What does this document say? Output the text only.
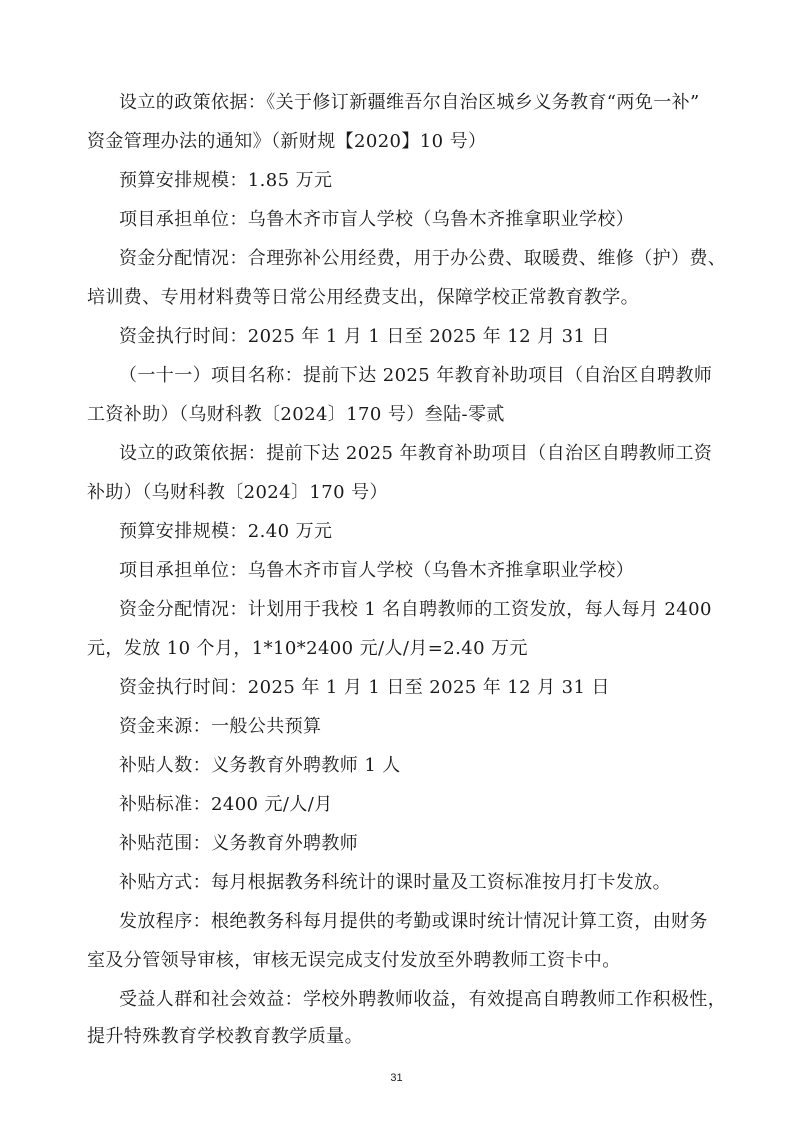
设立的政策依据：《关于修订新疆维吾尔自治区城乡义务教育“两免一补”
资金管理办法的通知》（新财规【2020】10 号）
预算安排规模：1.85 万元
项目承担单位：乌鲁木齐市盲人学校（乌鲁木齐推拿职业学校）
资金分配情况：合理弥补公用经费，用于办公费、取暖费、维修（护）费、
培训费、专用材料费等日常公用经费支出，保障学校正常教育教学。
资金执行时间：2025 年 1 月 1 日至 2025 年 12 月 31 日
（一十一）项目名称：提前下达 2025 年教育补助项目（自治区自聘教师
工资补助）（乌财科教〔2024〕170 号）叁陆-零贰
设立的政策依据：提前下达 2025 年教育补助项目（自治区自聘教师工资
补助）（乌财科教〔2024〕170 号）
预算安排规模：2.40 万元
项目承担单位：乌鲁木齐市盲人学校（乌鲁木齐推拿职业学校）
资金分配情况：计划用于我校 1 名自聘教师的工资发放，每人每月 2400
元，发放 10 个月，1*10*2400 元/人/月=2.40 万元
资金执行时间：2025 年 1 月 1 日至 2025 年 12 月 31 日
资金来源：一般公共预算
补贴人数：义务教育外聘教师 1 人
补贴标准：2400 元/人/月
补贴范围：义务教育外聘教师
补贴方式：每月根据教务科统计的课时量及工资标准按月打卡发放。
发放程序：根绝教务科每月提供的考勤或课时统计情况计算工资，由财务
室及分管领导审核，审核无误完成支付发放至外聘教师工资卡中。
受益人群和社会效益：学校外聘教师收益，有效提高自聘教师工作积极性，
提升特殊教育学校教育教学质量。
31
